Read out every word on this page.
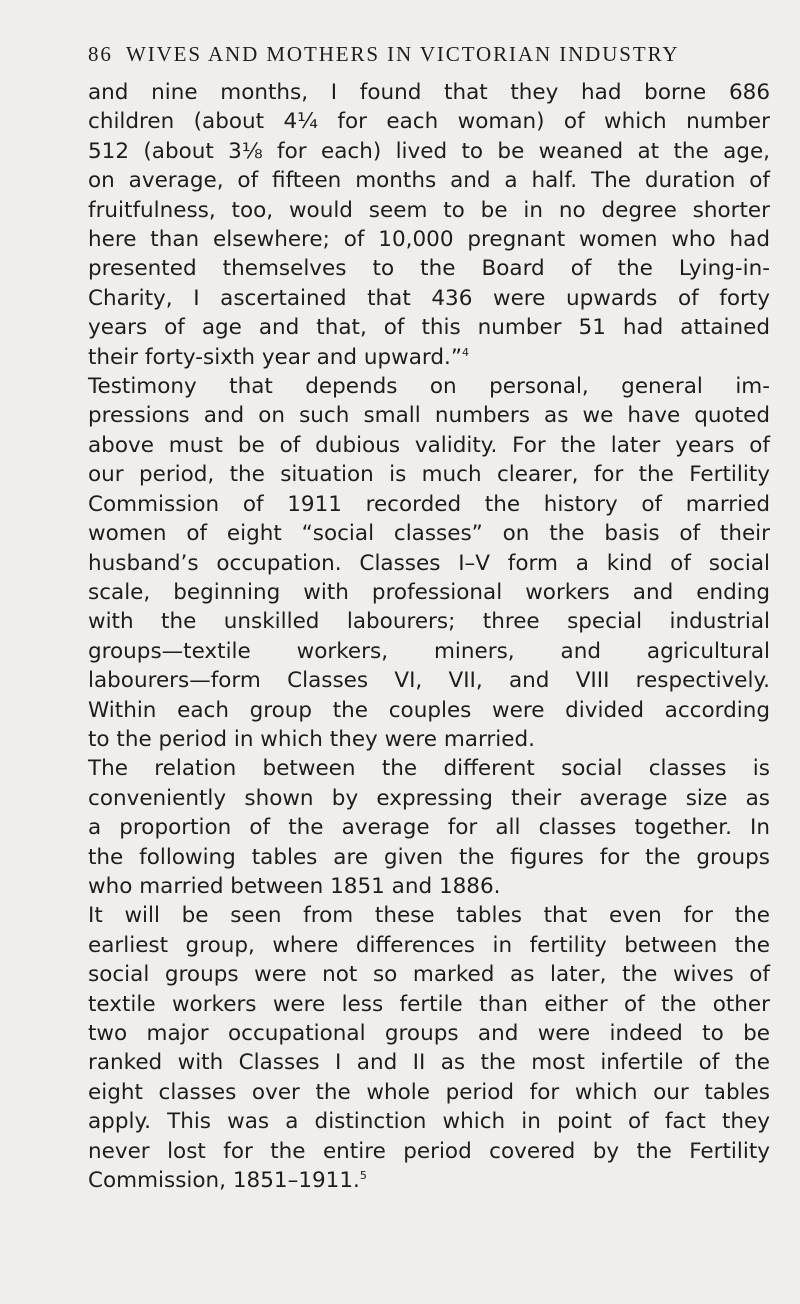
86 WIVES AND MOTHERS IN VICTORIAN INDUSTRY

and nine months, I found that they had borne 686
children (about 4¼ for each woman) of which number
512 (about 3⅛ for each) lived to be weaned at the age,
on average, of fifteen months and a half. The duration of
fruitfulness, too, would seem to be in no degree shorter
here than elsewhere; of 10,000 pregnant women who had
presented themselves to the Board of the Lying-in-
Charity, I ascertained that 436 were upwards of forty
years of age and that, of this number 51 had attained
their forty-sixth year and upward.”$^4$

Testimony that depends on personal, general im-
pressions and on such small numbers as we have quoted
above must be of dubious validity. For the later years of
our period, the situation is much clearer, for the Fertility
Commission of 1911 recorded the history of married
women of eight “social classes” on the basis of their
husband’s occupation. Classes I–V form a kind of social
scale, beginning with professional workers and ending
with the unskilled labourers; three special industrial
groups—textile workers, miners, and agricultural
labourers—form Classes VI, VII, and VIII respectively.
Within each group the couples were divided according
to the period in which they were married.

The relation between the different social classes is
conveniently shown by expressing their average size as
a proportion of the average for all classes together. In
the following tables are given the figures for the groups
who married between 1851 and 1886.

It will be seen from these tables that even for the
earliest group, where differences in fertility between the
social groups were not so marked as later, the wives of
textile workers were less fertile than either of the other
two major occupational groups and were indeed to be
ranked with Classes I and II as the most infertile of the
eight classes over the whole period for which our tables
apply. This was a distinction which in point of fact they
never lost for the entire period covered by the Fertility
Commission, 1851–1911.$^5$
